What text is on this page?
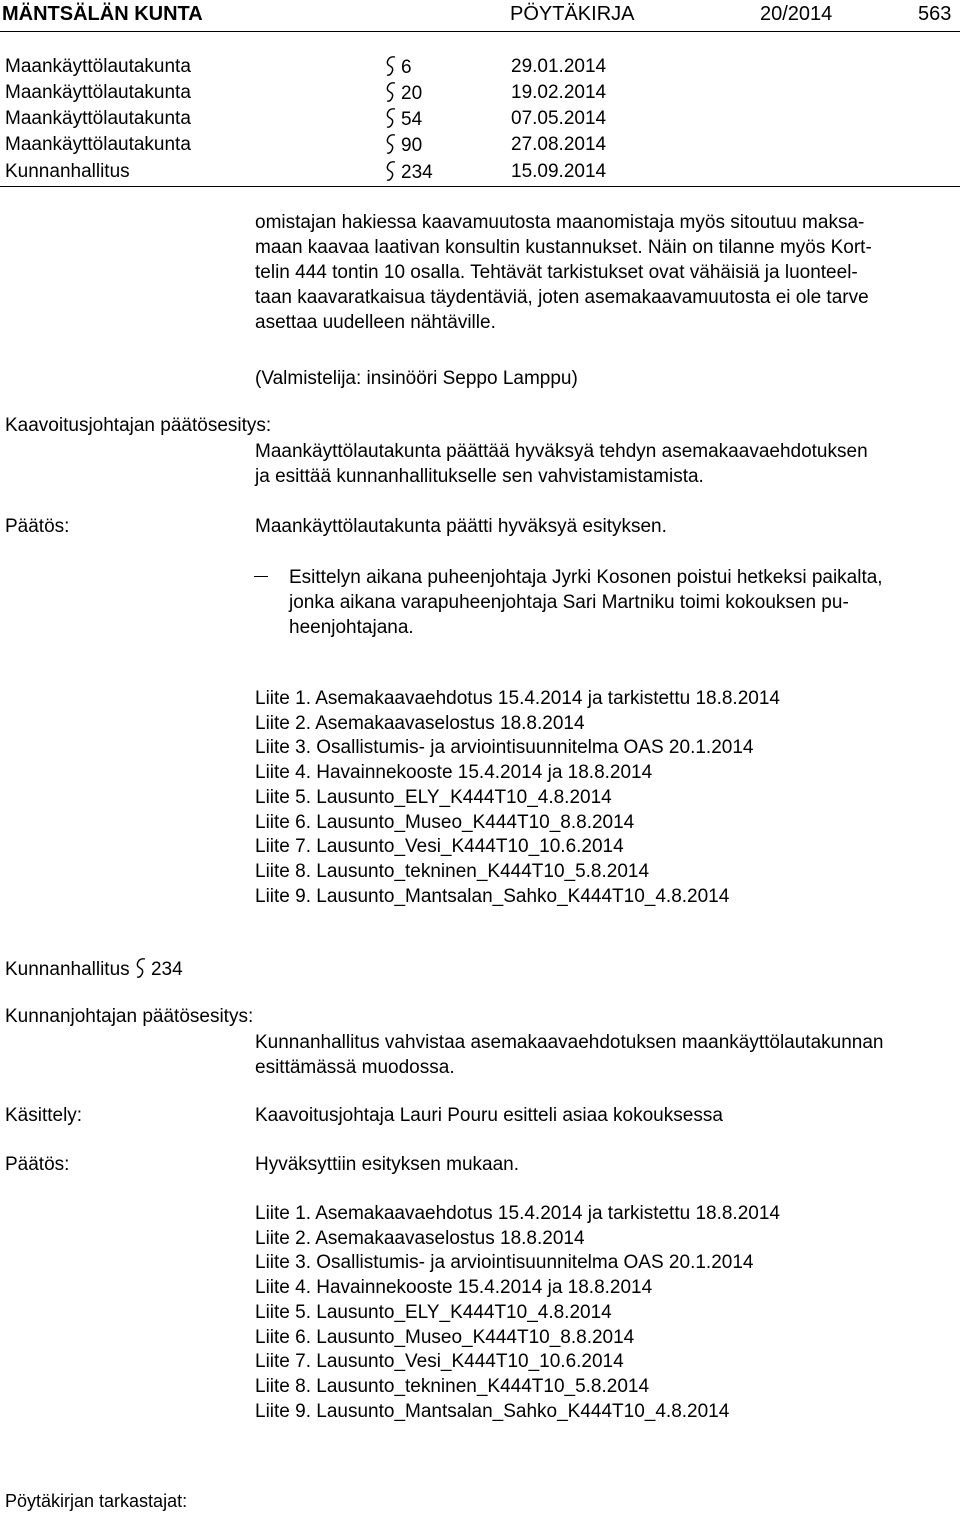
MÄNTSÄLÄN KUNTA	PÖYTÄKIRJA	20/2014	563
Maankäyttölautakunta	6	29.01.2014
Maankäyttölautakunta	20	19.02.2014
Maankäyttölautakunta	54	07.05.2014
Maankäyttölautakunta	90	27.08.2014
Kunnanhallitus	234	15.09.2014
omistajan hakiessa kaavamuutosta maanomistaja myös sitoutuu maksa-
maan kaavaa laativan konsultin kustannukset. Näin on tilanne myös Kort-
telin 444 tontin 10 osalla. Tehtävät tarkistukset ovat vähäisiä ja luonteel-
taan kaavaratkaisua täydentäviä, joten asemakaavamuutosta ei ole tarve
asettaa uudelleen nähtäville.
(Valmistelija: insinööri Seppo Lamppu)
Kaavoitusjohtajan päätösesitys:
Maankäyttölautakunta päättää hyväksyä tehdyn asemakaavaehdotuksen
ja esittää kunnanhallitukselle sen vahvistamistamista.
Päätös:	Maankäyttölautakunta päätti hyväksyä esityksen.
Esittelyn aikana puheenjohtaja Jyrki Kosonen poistui hetkeksi paikalta,
jonka aikana varapuheenjohtaja Sari Martniku toimi kokouksen pu-
heenjohtajana.
Liite 1. Asemakaavaehdotus 15.4.2014 ja tarkistettu 18.8.2014
Liite 2. Asemakaavaselostus 18.8.2014
Liite 3. Osallistumis- ja arviointisuunnitelma OAS 20.1.2014
Liite 4. Havainnekooste 15.4.2014 ja 18.8.2014
Liite 5. Lausunto_ELY_K444T10_4.8.2014
Liite 6. Lausunto_Museo_K444T10_8.8.2014
Liite 7. Lausunto_Vesi_K444T10_10.6.2014
Liite 8. Lausunto_tekninen_K444T10_5.8.2014
Liite 9. Lausunto_Mantsalan_Sahko_K444T10_4.8.2014
Kunnanhallitus 234
Kunnanjohtajan päätösesitys:
Kunnanhallitus vahvistaa asemakaavaehdotuksen maankäyttölautakunnan
esittämässä muodossa.
Käsittely:	Kaavoitusjohtaja Lauri Pouru esitteli asiaa kokouksessa
Päätös:	Hyväksyttiin esityksen mukaan.
Liite 1. Asemakaavaehdotus 15.4.2014 ja tarkistettu 18.8.2014
Liite 2. Asemakaavaselostus 18.8.2014
Liite 3. Osallistumis- ja arviointisuunnitelma OAS 20.1.2014
Liite 4. Havainnekooste 15.4.2014 ja 18.8.2014
Liite 5. Lausunto_ELY_K444T10_4.8.2014
Liite 6. Lausunto_Museo_K444T10_8.8.2014
Liite 7. Lausunto_Vesi_K444T10_10.6.2014
Liite 8. Lausunto_tekninen_K444T10_5.8.2014
Liite 9. Lausunto_Mantsalan_Sahko_K444T10_4.8.2014
Pöytäkirjan tarkastajat:
